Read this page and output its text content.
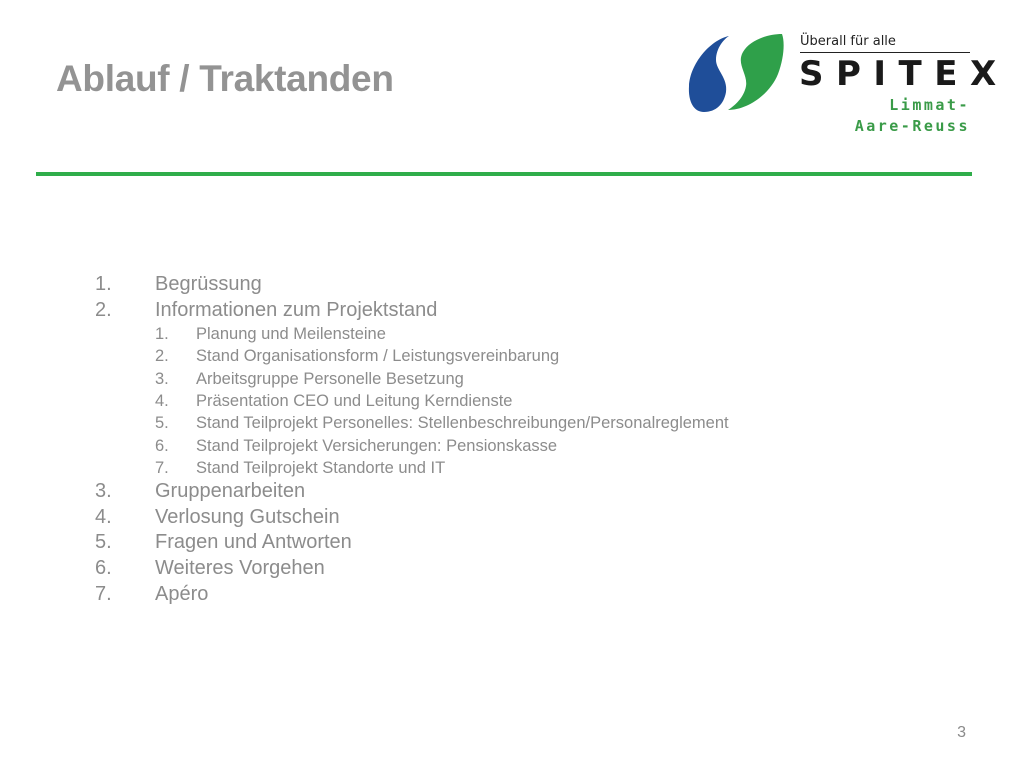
Ablauf / Traktanden
Überall für alle
SPITEX
Limmat-
Aare-Reuss
1. Begrüssung
2. Informationen zum Projektstand
1. Planung und Meilensteine
2. Stand Organisationsform / Leistungsvereinbarung
3. Arbeitsgruppe Personelle Besetzung
4. Präsentation CEO und Leitung Kerndienste
5. Stand Teilprojekt Personelles: Stellenbeschreibungen/Personalreglement
6. Stand Teilprojekt Versicherungen: Pensionskasse
7. Stand Teilprojekt Standorte und IT
3. Gruppenarbeiten
4. Verlosung Gutschein
5. Fragen und Antworten
6. Weiteres Vorgehen
7. Apéro
3
